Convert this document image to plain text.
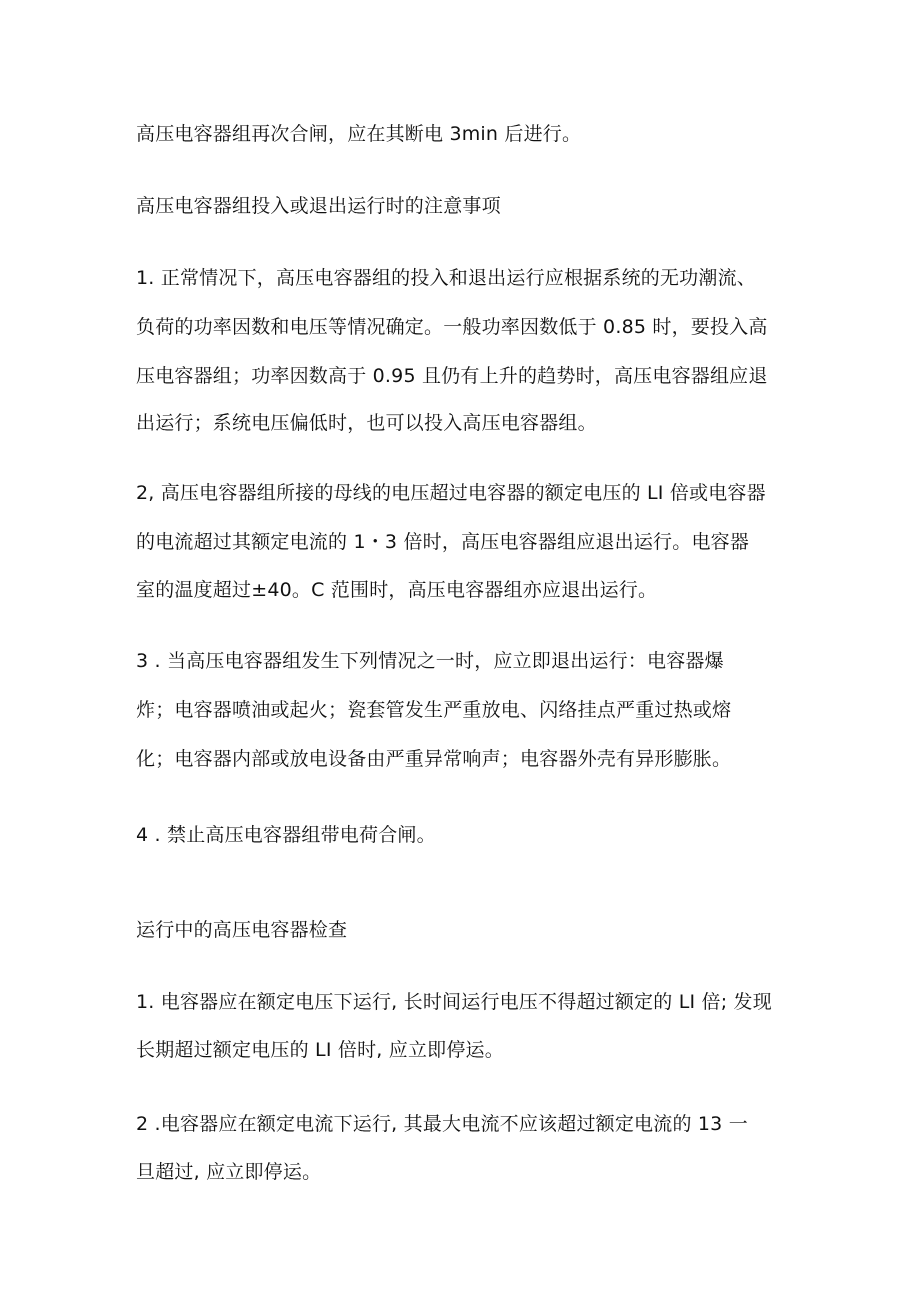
高压电容器组再次合闸，应在其断电 3min 后进行。
高压电容器组投入或退出运行时的注意事项
1. 正常情况下，高压电容器组的投入和退出运行应根据系统的无功潮流、
负荷的功率因数和电压等情况确定。一般功率因数低于 0.85 时，要投入高
压电容器组；功率因数高于 0.95 且仍有上升的趋势时，高压电容器组应退
出运行；系统电压偏低时，也可以投入高压电容器组。
2, 高压电容器组所接的母线的电压超过电容器的额定电压的 LI 倍或电容器
的电流超过其额定电流的 1・3 倍时，高压电容器组应退出运行。电容器
室的温度超过±40。C 范围时，高压电容器组亦应退出运行。
3 . 当高压电容器组发生下列情况之一时，应立即退出运行：电容器爆
炸；电容器喷油或起火；瓷套管发生严重放电、闪络挂点严重过热或熔
化；电容器内部或放电设备由严重异常响声；电容器外壳有异形膨胀。
4 . 禁止高压电容器组带电荷合闸。
运行中的高压电容器检查
1. 电容器应在额定电压下运行, 长时间运行电压不得超过额定的 LI 倍; 发现
长期超过额定电压的 LI 倍时, 应立即停运。
2 .电容器应在额定电流下运行, 其最大电流不应该超过额定电流的 13 一
旦超过, 应立即停运。
